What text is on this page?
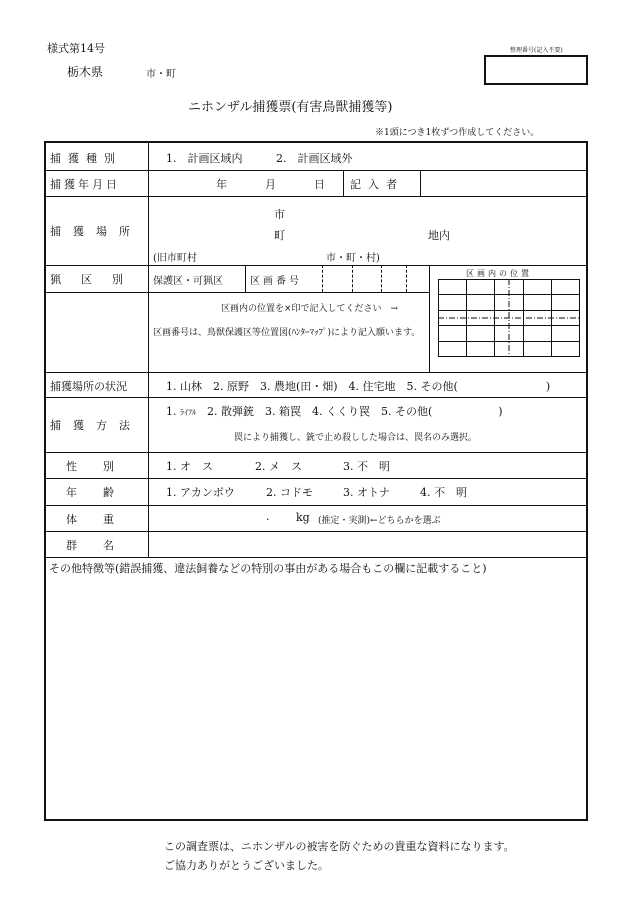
様式第14号
栃木県	市・町
整理番号(記入不要)
ニホンザル捕獲票(有害鳥獣捕獲等)
※1頭につき1枚ずつ作成してください。
捕獲種別	1.　計画区域内	2.　計画区域外
捕獲年月日	年	月	日 記入者
捕獲場所
市
町	地内
(旧市町村	市・町・村)
猟区別 保護区・可猟区	区画番号
区画内の位置
区画内の位置を×印で記入してください　→
区画番号は、鳥獣保護区等位置図(ﾊﾝﾀｰﾏｯﾌﾟ)により記入願います。
捕獲場所の状況	1. 山林　2. 原野　3. 農地(田・畑)　4. 住宅地　5. その他(　　　　　　　　)
捕獲方法
1. ﾗｲﾌﾙ　2. 散弾銃　3. 箱罠　4. くくり罠　5. その他(　　　　　　)
罠により捕獲し、銃で止め殺しした場合は、罠名のみ選択。
性別 1. オ　ス	2. メ　ス	3. 不　明
年齢 1. アカンボウ	2. コドモ	3. オトナ	4. 不　明
体重	. kg (推定・実測)←どちらかを選ぶ
群名
その他特徴等(錯誤捕獲、違法飼養などの特別の事由がある場合もこの欄に記載すること)
この調査票は、ニホンザルの被害を防ぐための貴重な資料になります。
ご協力ありがとうございました。
